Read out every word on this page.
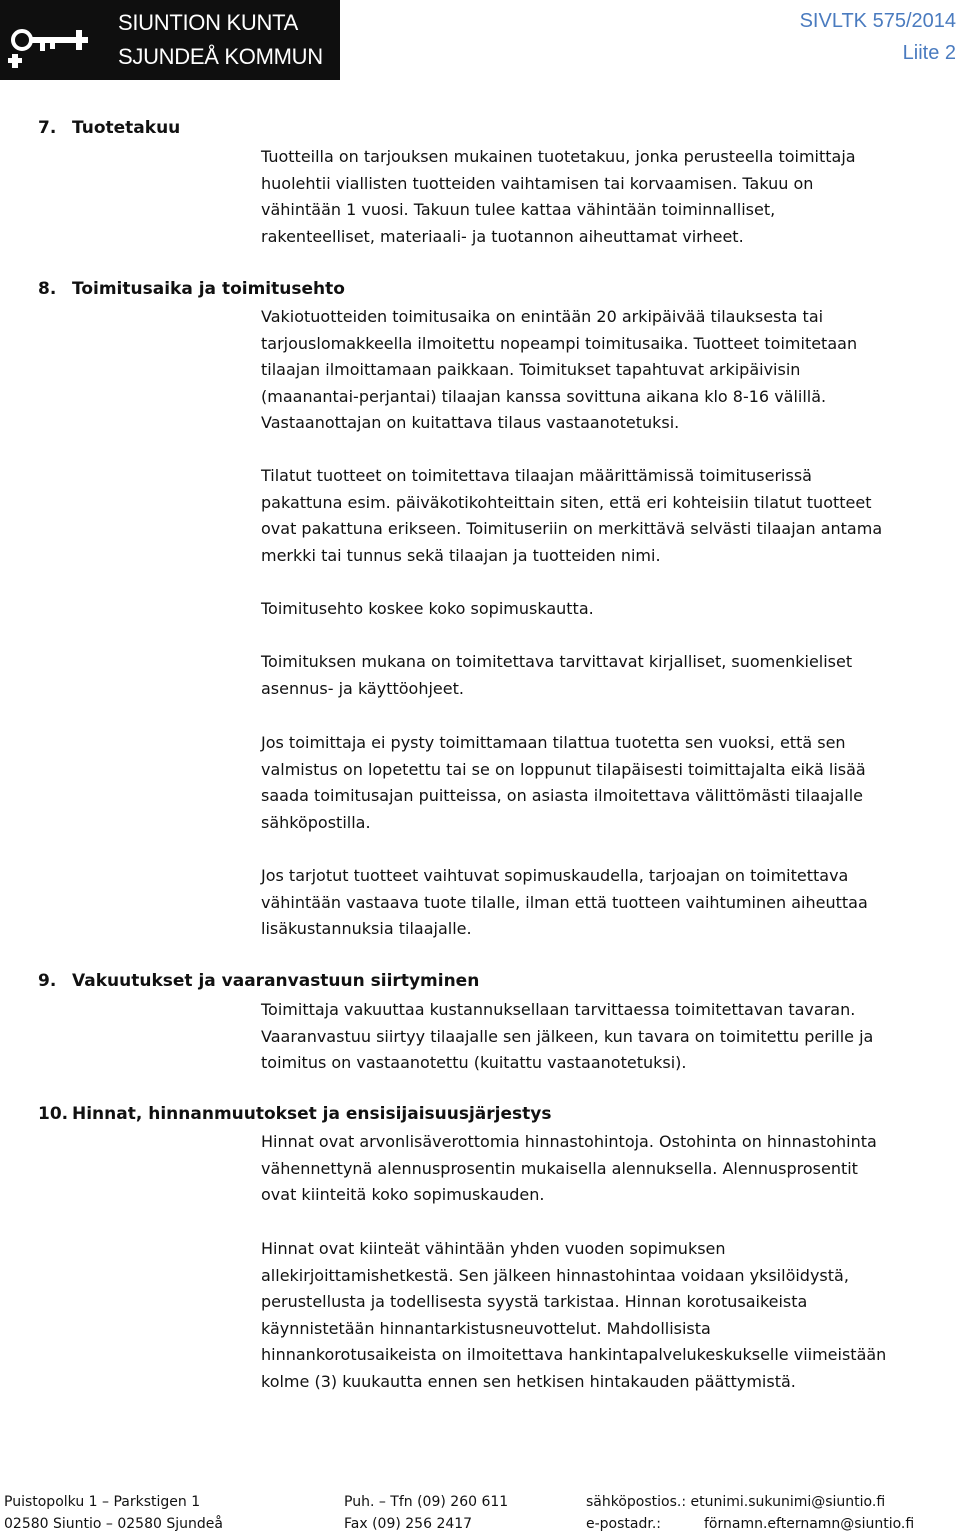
SIUNTION KUNTA
SJUNDEÅ KOMMUN
SIVLTK 575/2014
Liite 2
7. Tuotetakuu
Tuotteilla on tarjouksen mukainen tuotetakuu, jonka perusteella toimittaja
huolehtii viallisten tuotteiden vaihtamisen tai korvaamisen. Takuu on
vähintään 1 vuosi. Takuun tulee kattaa vähintään toiminnalliset,
rakenteelliset, materiaali- ja tuotannon aiheuttamat virheet.
8. Toimitusaika ja toimitusehto
Vakiotuotteiden toimitusaika on enintään 20 arkipäivää tilauksesta tai
tarjouslomakkeella ilmoitettu nopeampi toimitusaika. Tuotteet toimitetaan
tilaajan ilmoittamaan paikkaan. Toimitukset tapahtuvat arkipäivisin
(maanantai-perjantai) tilaajan kanssa sovittuna aikana klo 8-16 välillä.
Vastaanottajan on kuitattava tilaus vastaanotetuksi.
Tilatut tuotteet on toimitettava tilaajan määrittämissä toimituserissä
pakattuna esim. päiväkotikohteittain siten, että eri kohteisiin tilatut tuotteet
ovat pakattuna erikseen. Toimituseriin on merkittävä selvästi tilaajan antama
merkki tai tunnus sekä tilaajan ja tuotteiden nimi.
Toimitusehto koskee koko sopimuskautta.
Toimituksen mukana on toimitettava tarvittavat kirjalliset, suomenkieliset
asennus- ja käyttöohjeet.
Jos toimittaja ei pysty toimittamaan tilattua tuotetta sen vuoksi, että sen
valmistus on lopetettu tai se on loppunut tilapäisesti toimittajalta eikä lisää
saada toimitusajan puitteissa, on asiasta ilmoitettava välittömästi tilaajalle
sähköpostilla.
Jos tarjotut tuotteet vaihtuvat sopimuskaudella, tarjoajan on toimitettava
vähintään vastaava tuote tilalle, ilman että tuotteen vaihtuminen aiheuttaa
lisäkustannuksia tilaajalle.
9. Vakuutukset ja vaaranvastuun siirtyminen
Toimittaja vakuuttaa kustannuksellaan tarvittaessa toimitettavan tavaran.
Vaaranvastuu siirtyy tilaajalle sen jälkeen, kun tavara on toimitettu perille ja
toimitus on vastaanotettu (kuitattu vastaanotetuksi).
10. Hinnat, hinnanmuutokset ja ensisijaisuusjärjestys
Hinnat ovat arvonlisäverottomia hinnastohintoja. Ostohinta on hinnastohinta
vähennettynä alennusprosentin mukaisella alennuksella. Alennusprosentit
ovat kiinteitä koko sopimuskauden.
Hinnat ovat kiinteät vähintään yhden vuoden sopimuksen
allekirjoittamishetkestä. Sen jälkeen hinnastohintaa voidaan yksilöidystä,
perustellusta ja todellisesta syystä tarkistaa. Hinnan korotusaikeista
käynnistetään hinnantarkistusneuvottelut. Mahdollisista
hinnankorotusaikeista on ilmoitettava hankintapalvelukeskukselle viimeistään
kolme (3) kuukautta ennen sen hetkisen hintakauden päättymistä.
Puistopolku 1 – Parkstigen 1
02580 Siuntio – 02580 Sjundeå
Puh. – Tfn (09) 260 611
Fax (09) 256 2417
sähköpostios.: etunimi.sukunimi@siuntio.fi
e-postadr.:	förnamn.efternamn@siuntio.fi
